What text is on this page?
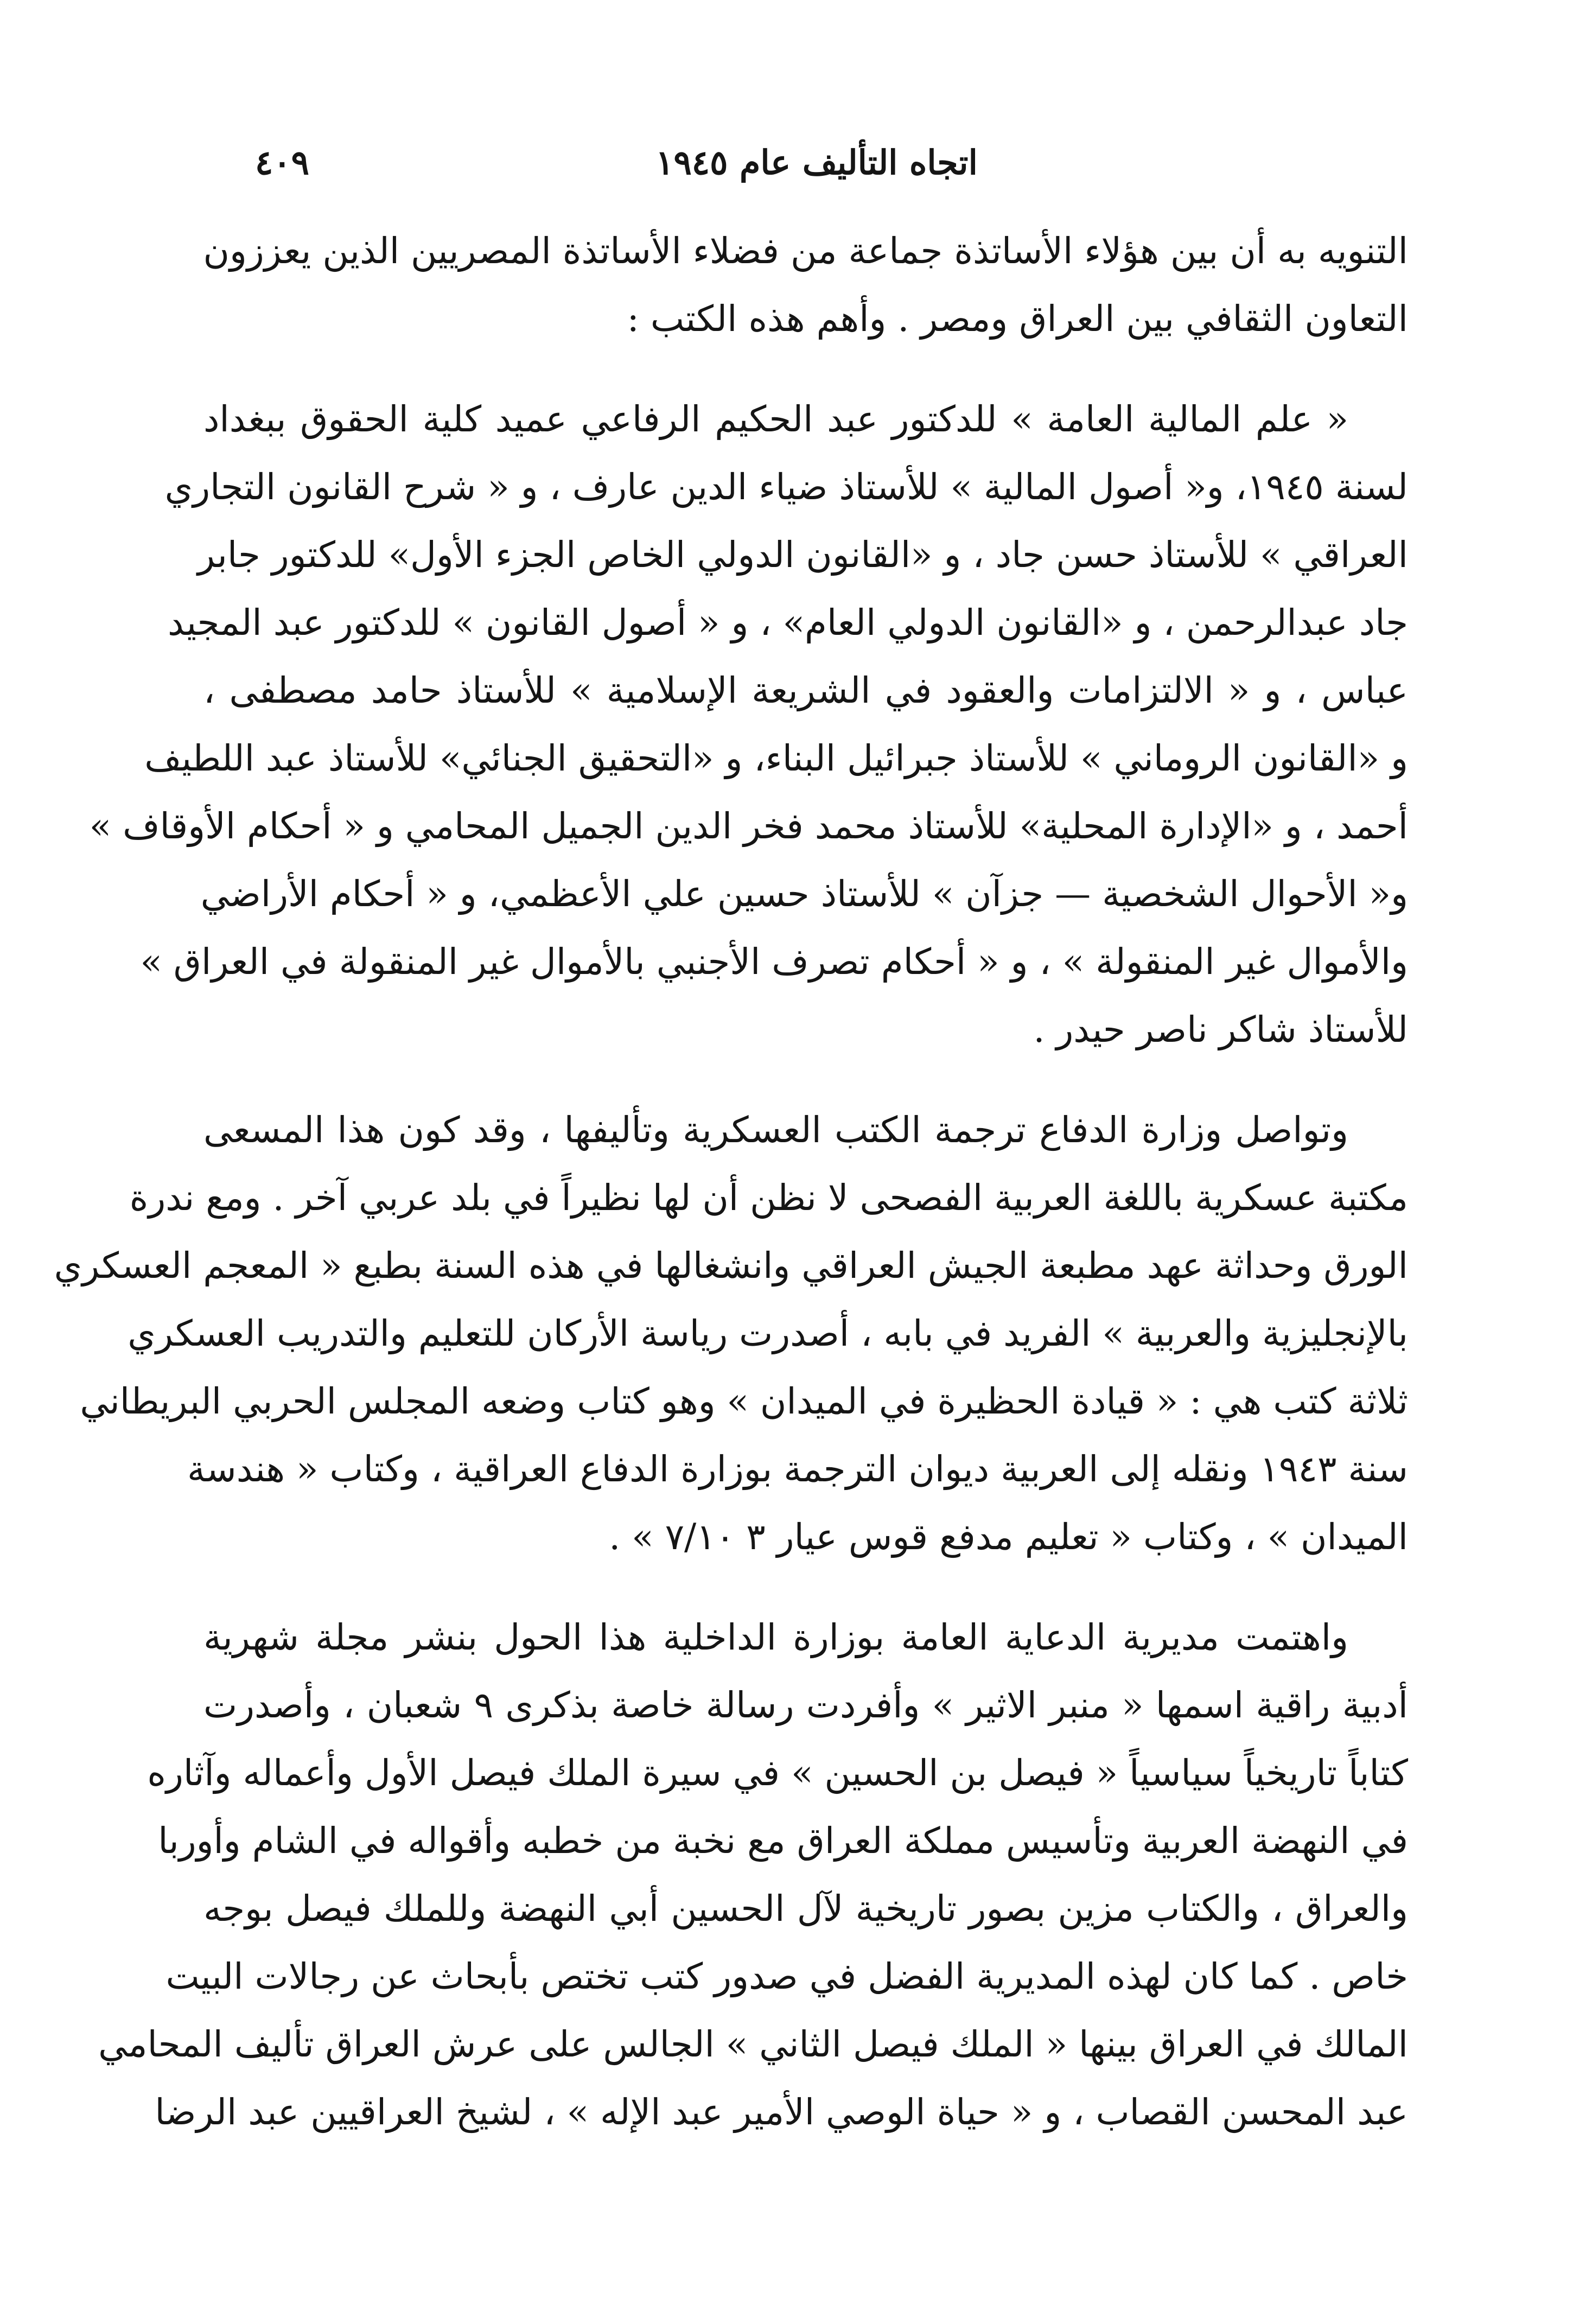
اتجاه التأليف عام ١٩٤٥
٤٠٩
التنويه به أن بين هؤلاء الأساتذة جماعة من فضلاء الأساتذة المصريين الذين يعززون
التعاون الثقافي بين العراق ومصر . وأهم هذه الكتب :
« علم المالية العامة » للدكتور عبد الحكيم الرفاعي عميد كلية الحقوق ببغداد
لسنة ١٩٤٥، و« أصول المالية » للأستاذ ضياء الدين عارف ، و « شرح القانون التجاري
العراقي » للأستاذ حسن جاد ، و «القانون الدولي الخاص الجزء الأول» للدكتور جابر
جاد عبدالرحمن ، و «القانون الدولي العام» ، و « أصول القانون » للدكتور عبد المجيد
عباس ، و « الالتزامات والعقود في الشريعة الإسلامية » للأستاذ حامد مصطفى ،
و «القانون الروماني » للأستاذ جبرائيل البناء، و «التحقيق الجنائي» للأستاذ عبد اللطيف
أحمد ، و «الإدارة المحلية» للأستاذ محمد فخر الدين الجميل المحامي و « أحكام الأوقاف »
و« الأحوال الشخصية — جزآن » للأستاذ حسين علي الأعظمي، و « أحكام الأراضي
والأموال غير المنقولة » ، و « أحكام تصرف الأجنبي بالأموال غير المنقولة في العراق »
للأستاذ شاكر ناصر حيدر .
وتواصل وزارة الدفاع ترجمة الكتب العسكرية وتأليفها ، وقد كون هذا المسعى
مكتبة عسكرية باللغة العربية الفصحى لا نظن أن لها نظيراً في بلد عربي آخر . ومع ندرة
الورق وحداثة عهد مطبعة الجيش العراقي وانشغالها في هذه السنة بطبع « المعجم العسكري
بالإنجليزية والعربية » الفريد في بابه ، أصدرت رياسة الأركان للتعليم والتدريب العسكري
ثلاثة كتب هي : « قيادة الحظيرة في الميدان » وهو كتاب وضعه المجلس الحربي البريطاني
سنة ١٩٤٣ ونقله إلى العربية ديوان الترجمة بوزارة الدفاع العراقية ، وكتاب « هندسة
الميدان » ، وكتاب « تعليم مدفع قوس عيار ٣ ٧/١٠ » .
واهتمت مديرية الدعاية العامة بوزارة الداخلية هذا الحول بنشر مجلة شهرية
أدبية راقية اسمها « منبر الاثير » وأفردت رسالة خاصة بذكرى ٩ شعبان ، وأصدرت
كتاباً تاريخياً سياسياً « فيصل بن الحسين » في سيرة الملك فيصل الأول وأعماله وآثاره
في النهضة العربية وتأسيس مملكة العراق مع نخبة من خطبه وأقواله في الشام وأوربا
والعراق ، والكتاب مزين بصور تاريخية لآل الحسين أبي النهضة وللملك فيصل بوجه
خاص . كما كان لهذه المديرية الفضل في صدور كتب تختص بأبحاث عن رجالات البيت
المالك في العراق بينها « الملك فيصل الثاني » الجالس على عرش العراق تأليف المحامي
عبد المحسن القصاب ، و « حياة الوصي الأمير عبد الإله » ، لشيخ العراقيين عبد الرضا
